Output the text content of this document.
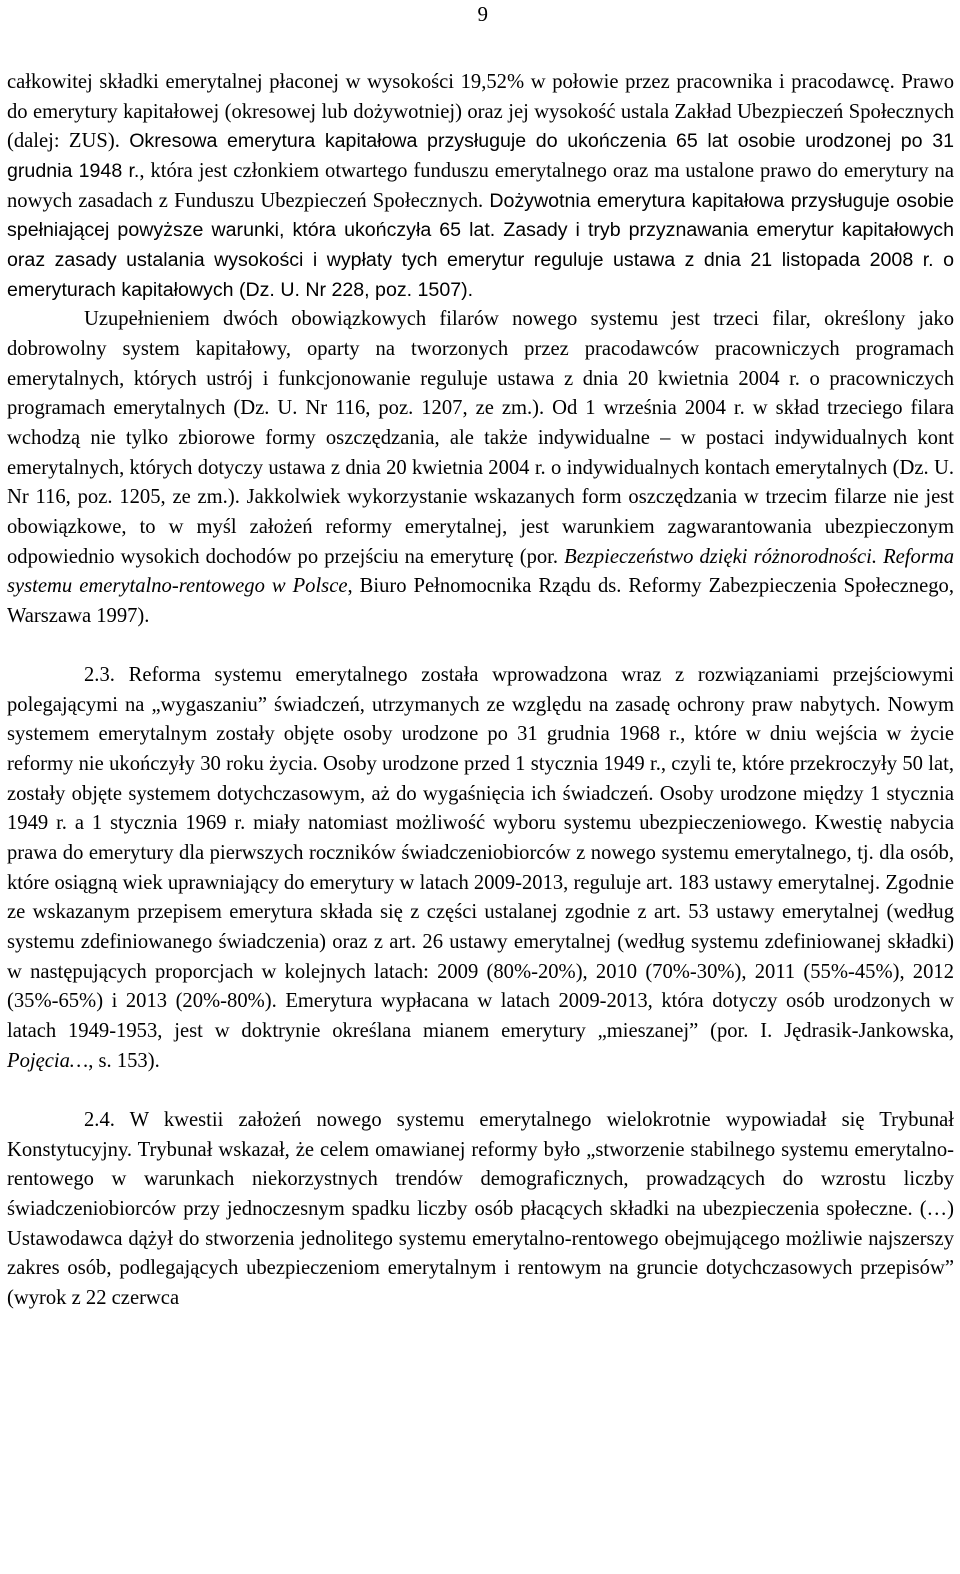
9

całkowitej składki emerytalnej płaconej w wysokości 19,52% w połowie przez pracownika i pracodawcę. Prawo do emerytury kapitałowej (okresowej lub dożywotniej) oraz jej wysokość ustala Zakład Ubezpieczeń Społecznych (dalej: ZUS). Okresowa emerytura kapitałowa przysługuje do ukończenia 65 lat osobie urodzonej po 31 grudnia 1948 r., która jest członkiem otwartego funduszu emerytalnego oraz ma ustalone prawo do emerytury na nowych zasadach z Funduszu Ubezpieczeń Społecznych. Dożywotnia emerytura kapitałowa przysługuje osobie spełniającej powyższe warunki, która ukończyła 65 lat. Zasady i tryb przyznawania emerytur kapitałowych oraz zasady ustalania wysokości i wypłaty tych emerytur reguluje ustawa z dnia 21 listopada 2008 r. o emeryturach kapitałowych (Dz. U. Nr 228, poz. 1507).

Uzupełnieniem dwóch obowiązkowych filarów nowego systemu jest trzeci filar, określony jako dobrowolny system kapitałowy, oparty na tworzonych przez pracodawców pracowniczych programach emerytalnych, których ustrój i funkcjonowanie reguluje ustawa z dnia 20 kwietnia 2004 r. o pracowniczych programach emerytalnych (Dz. U. Nr 116, poz. 1207, ze zm.). Od 1 września 2004 r. w skład trzeciego filara wchodzą nie tylko zbiorowe formy oszczędzania, ale także indywidualne – w postaci indywidualnych kont emerytalnych, których dotyczy ustawa z dnia 20 kwietnia 2004 r. o indywidualnych kontach emerytalnych (Dz. U. Nr 116, poz. 1205, ze zm.). Jakkolwiek wykorzystanie wskazanych form oszczędzania w trzecim filarze nie jest obowiązkowe, to w myśl założeń reformy emerytalnej, jest warunkiem zagwarantowania ubezpieczonym odpowiednio wysokich dochodów po przejściu na emeryturę (por. Bezpieczeństwo dzięki różnorodności. Reforma systemu emerytalno-rentowego w Polsce, Biuro Pełnomocnika Rządu ds. Reformy Zabezpieczenia Społecznego, Warszawa 1997).

2.3. Reforma systemu emerytalnego została wprowadzona wraz z rozwiązaniami przejściowymi polegającymi na „wygaszaniu” świadczeń, utrzymanych ze względu na zasadę ochrony praw nabytych. Nowym systemem emerytalnym zostały objęte osoby urodzone po 31 grudnia 1968 r., które w dniu wejścia w życie reformy nie ukończyły 30 roku życia. Osoby urodzone przed 1 stycznia 1949 r., czyli te, które przekroczyły 50 lat, zostały objęte systemem dotychczasowym, aż do wygaśnięcia ich świadczeń. Osoby urodzone między 1 stycznia 1949 r. a 1 stycznia 1969 r. miały natomiast możliwość wyboru systemu ubezpieczeniowego. Kwestię nabycia prawa do emerytury dla pierwszych roczników świadczeniobiorców z nowego systemu emerytalnego, tj. dla osób, które osiągną wiek uprawniający do emerytury w latach 2009-2013, reguluje art. 183 ustawy emerytalnej. Zgodnie ze wskazanym przepisem emerytura składa się z części ustalanej zgodnie z art. 53 ustawy emerytalnej (według systemu zdefiniowanego świadczenia) oraz z art. 26 ustawy emerytalnej (według systemu zdefiniowanej składki) w następujących proporcjach w kolejnych latach: 2009 (80%-20%), 2010 (70%-30%), 2011 (55%-45%), 2012 (35%-65%) i 2013 (20%-80%). Emerytura wypłacana w latach 2009-2013, która dotyczy osób urodzonych w latach 1949-1953, jest w doktrynie określana mianem emerytury „mieszanej” (por. I. Jędrasik-Jankowska, Pojęcia…, s. 153).

2.4. W kwestii założeń nowego systemu emerytalnego wielokrotnie wypowiadał się Trybunał Konstytucyjny. Trybunał wskazał, że celem omawianej reformy było „stworzenie stabilnego systemu emerytalno-rentowego w warunkach niekorzystnych trendów demograficznych, prowadzących do wzrostu liczby świadczeniobiorców przy jednoczesnym spadku liczby osób płacących składki na ubezpieczenia społeczne. (…) Ustawodawca dążył do stworzenia jednolitego systemu emerytalno-rentowego obejmującego możliwie najszerszy zakres osób, podlegających ubezpieczeniom emerytalnym i rentowym na gruncie dotychczasowych przepisów” (wyrok z 22 czerwca
